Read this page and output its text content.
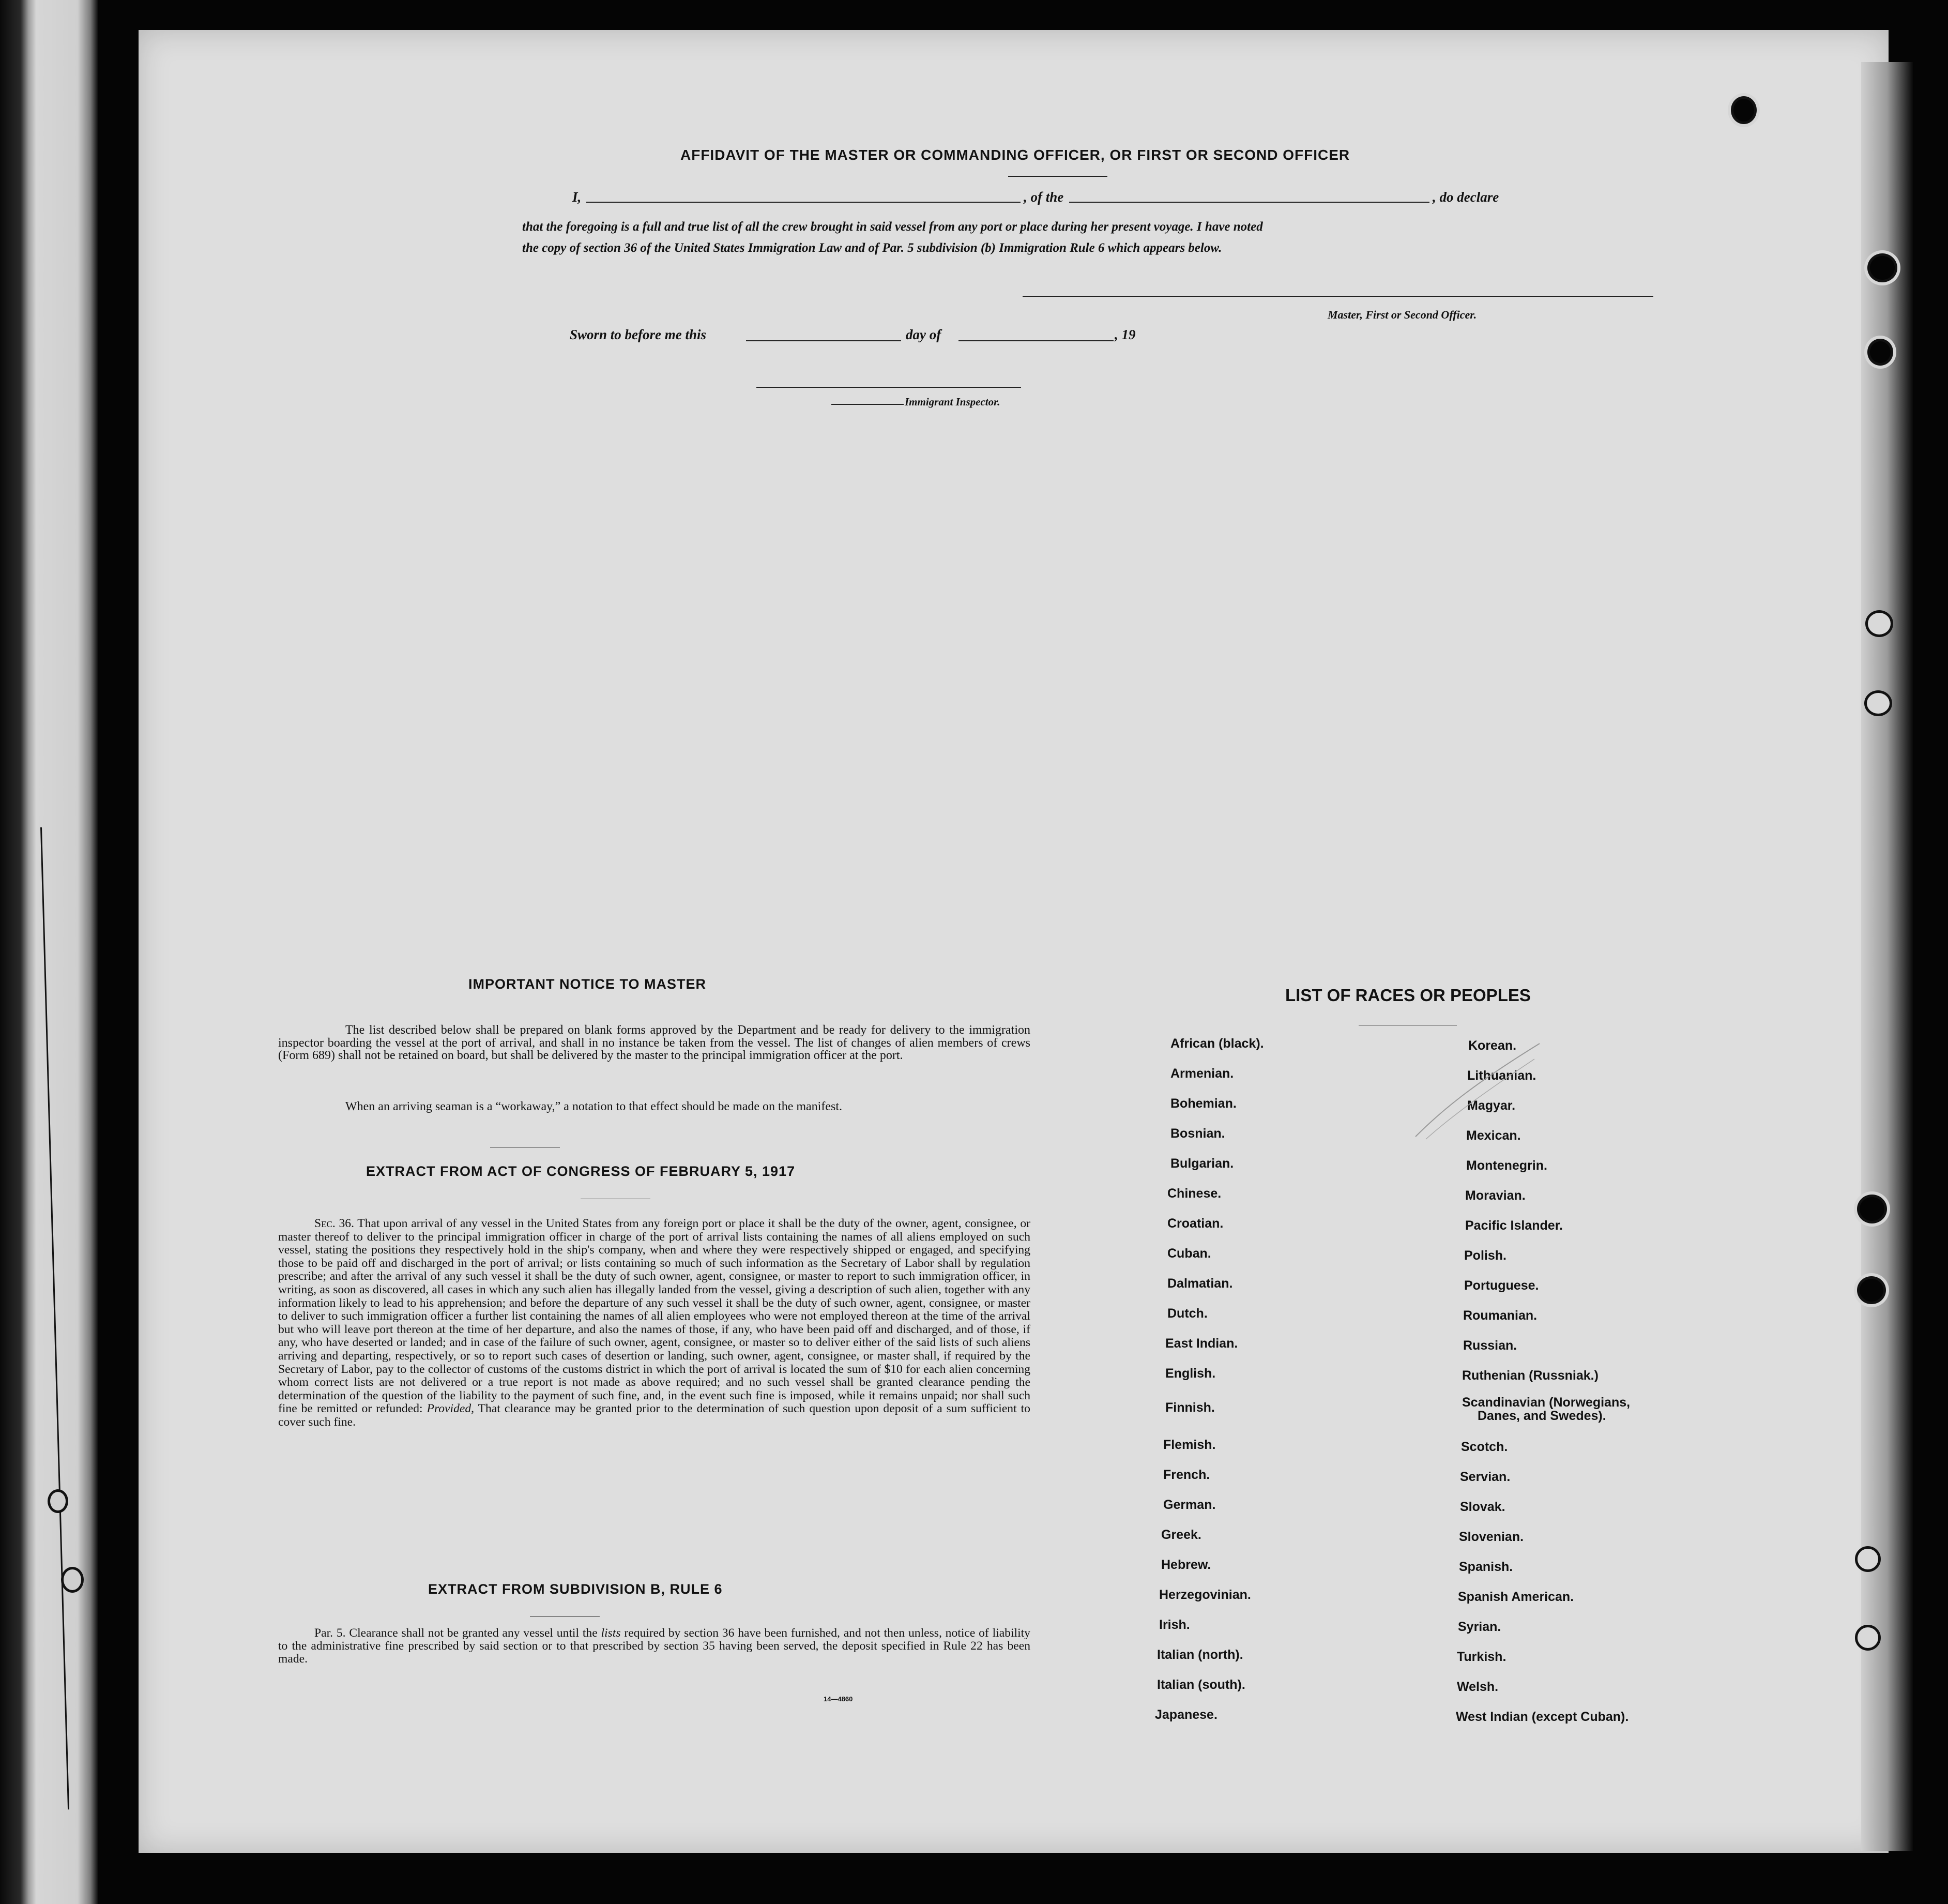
AFFIDAVIT OF THE MASTER OR COMMANDING OFFICER, OR FIRST OR SECOND OFFICER
I,	, of the	, do declare
that the foregoing is a full and true list of all the crew brought in said vessel from any port or place during her present voyage. I have noted
the copy of section 36 of the United States Immigration Law and of Par. 5 subdivision (b) Immigration Rule 6 which appears below.
Master, First or Second Officer.
Sworn to before me this	day of	, 19
Immigrant Inspector.
IMPORTANT NOTICE TO MASTER
The list described below shall be prepared on blank forms approved by the Department and be ready for delivery to the immigration inspector boarding the vessel at the port of arrival, and shall in no instance be taken from the vessel. The list of changes of alien members of crews (Form 689) shall not be retained on board, but shall be delivered by the master to the principal immigration officer at the port.
When an arriving seaman is a “workaway,” a notation to that effect should be made on the manifest.
EXTRACT FROM ACT OF CONGRESS OF FEBRUARY 5, 1917
Sec. 36. That upon arrival of any vessel in the United States from any foreign port or place it shall be the duty of the owner, agent, consignee, or master thereof to deliver to the principal immigration officer in charge of the port of arrival lists containing the names of all aliens employed on such vessel, stating the positions they respectively hold in the ship's company, when and where they were respectively shipped or engaged, and specifying those to be paid off and discharged in the port of arrival; or lists containing so much of such information as the Secretary of Labor shall by regulation prescribe; and after the arrival of any such vessel it shall be the duty of such owner, agent, consignee, or master to report to such immigration officer, in writing, as soon as discovered, all cases in which any such alien has illegally landed from the vessel, giving a description of such alien, together with any information likely to lead to his apprehension; and before the departure of any such vessel it shall be the duty of such owner, agent, consignee, or master to deliver to such immigration officer a further list containing the names of all alien employees who were not employed thereon at the time of the arrival but who will leave port thereon at the time of her departure, and also the names of those, if any, who have been paid off and discharged, and of those, if any, who have deserted or landed; and in case of the failure of such owner, agent, consignee, or master so to deliver either of the said lists of such aliens arriving and departing, respectively, or so to report such cases of desertion or landing, such owner, agent, consignee, or master shall, if required by the Secretary of Labor, pay to the collector of customs of the customs district in which the port of arrival is located the sum of $10 for each alien concerning whom correct lists are not delivered or a true report is not made as above required; and no such vessel shall be granted clearance pending the determination of the question of the liability to the payment of such fine, and, in the event such fine is imposed, while it remains unpaid; nor shall such fine be remitted or refunded: Provided, That clearance may be granted prior to the determination of such question upon deposit of a sum sufficient to cover such fine.
EXTRACT FROM SUBDIVISION B, RULE 6
Par. 5. Clearance shall not be granted any vessel until the lists required by section 36 have been furnished, and not then unless, notice of liability to the administrative fine prescribed by said section or to that prescribed by section 35 having been served, the deposit specified in Rule 22 has been made.
14—4860
LIST OF RACES OR PEOPLES
African (black).
Armenian.
Bohemian.
Bosnian.
Bulgarian.
Chinese.
Croatian.
Cuban.
Dalmatian.
Dutch.
East Indian.
English.
Finnish.
Flemish.
French.
German.
Greek.
Hebrew.
Herzegovinian.
Irish.
Italian (north).
Italian (south).
Japanese.
Korean.
Lithuanian.
Magyar.
Mexican.
Montenegrin.
Moravian.
Pacific Islander.
Polish.
Portuguese.
Roumanian.
Russian.
Ruthenian (Russniak.)
Scandinavian (Norwegians,
Danes, and Swedes).
Scotch.
Servian.
Slovak.
Slovenian.
Spanish.
Spanish American.
Syrian.
Turkish.
Welsh.
West Indian (except Cuban).
